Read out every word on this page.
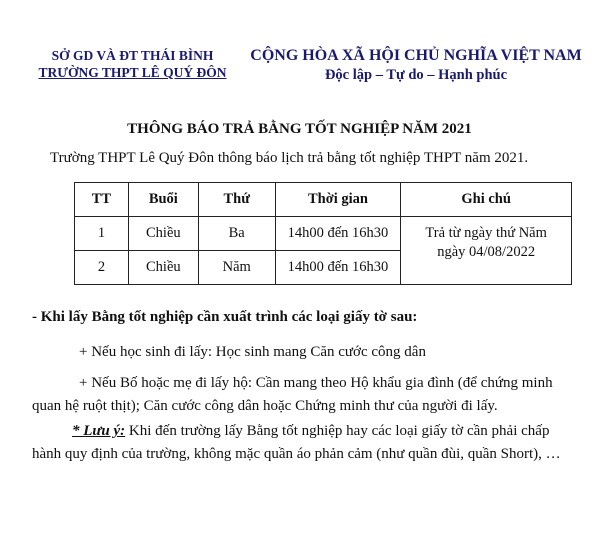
SỞ GD VÀ ĐT THÁI BÌNH
TRƯỜNG THPT LÊ QUÝ ĐÔN
CỘNG HÒA XÃ HỘI CHỦ NGHĨA VIỆT NAM
Độc lập – Tự do – Hạnh phúc
THÔNG BÁO TRẢ BẰNG TỐT NGHIỆP NĂM 2021
Trường THPT Lê Quý Đôn thông báo lịch trả bằng tốt nghiệp THPT năm 2021.
TT	Buổi	Thứ	Thời gian	Ghi chú
1	Chiều	Ba	14h00 đến 16h30	Trả từ ngày thứ Năm
ngày 04/08/2022

2	Chiều	Năm	14h00 đến 16h30	
- Khi lấy Bằng tốt nghiệp cần xuất trình các loại giấy tờ sau:
+ Nếu học sinh đi lấy: Học sinh mang Căn cước công dân
+ Nếu Bố hoặc mẹ đi lấy hộ: Cần mang theo Hộ khẩu gia đình (để chứng minh quan hệ ruột thịt); Căn cước công dân hoặc Chứng minh thư của người đi lấy.
* Lưu ý: Khi đến trường lấy Bằng tốt nghiệp hay các loại giấy tờ cần phải chấp hành quy định của trường, không mặc quần áo phản cảm (như quần đùi, quần Short), …
